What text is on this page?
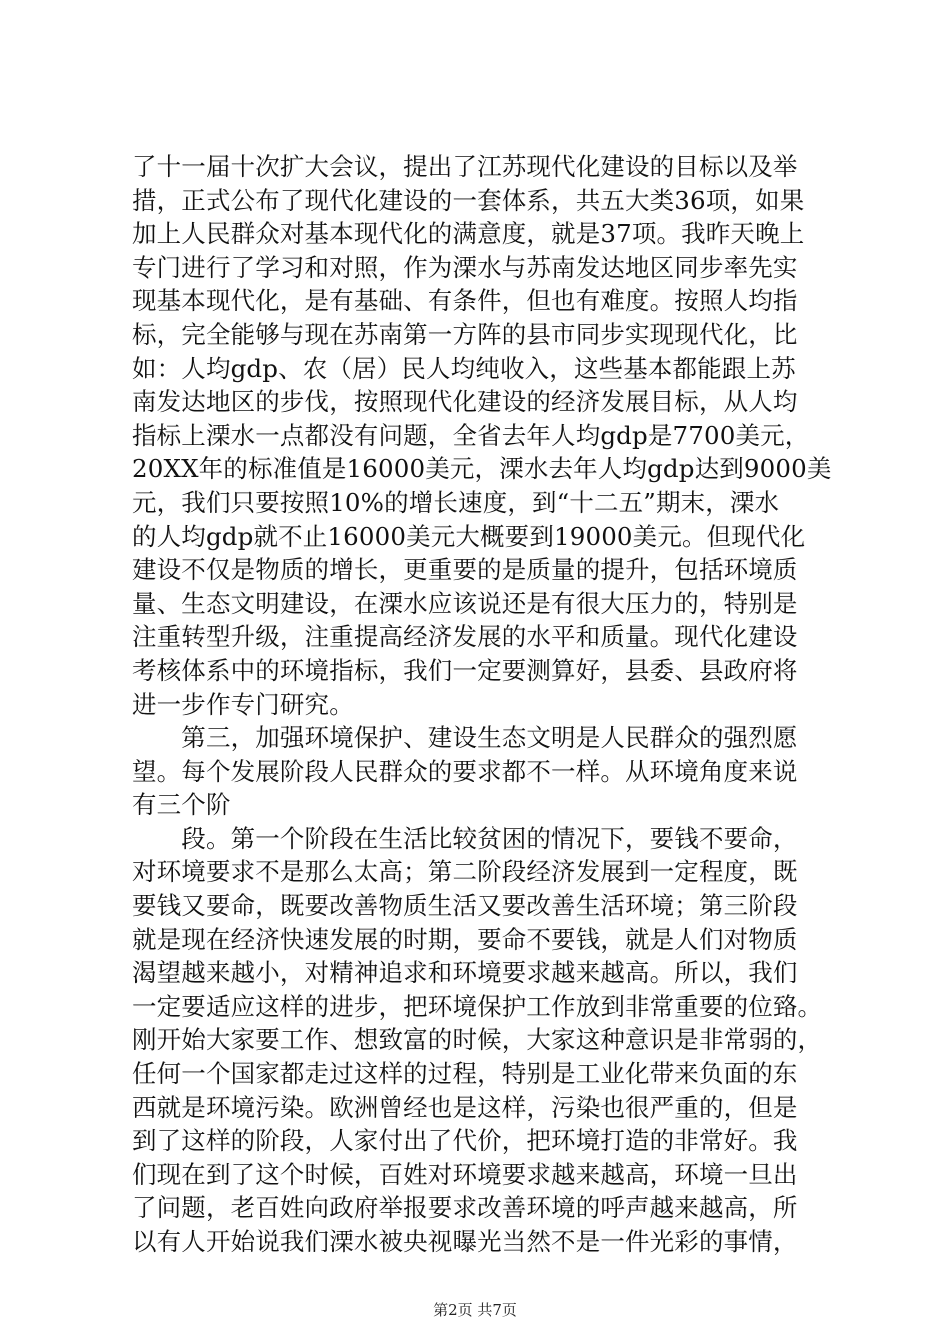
了十一届十次扩大会议，提出了江苏现代化建设的目标以及举
措，正式公布了现代化建设的一套体系，共五大类36项，如果
加上人民群众对基本现代化的满意度，就是37项。我昨天晚上
专门进行了学习和对照，作为溧水与苏南发达地区同步率先实
现基本现代化，是有基础、有条件，但也有难度。按照人均指
标，完全能够与现在苏南第一方阵的县市同步实现现代化，比
如：人均gdp、农（居）民人均纯收入，这些基本都能跟上苏
南发达地区的步伐，按照现代化建设的经济发展目标，从人均
指标上溧水一点都没有问题，全省去年人均gdp是7700美元，
20XX年的标准值是16000美元，溧水去年人均gdp达到9000美
元，我们只要按照10%的增长速度，到“十二五”期末，溧水
的人均gdp就不止16000美元大概要到19000美元。但现代化
建设不仅是物质的增长，更重要的是质量的提升，包括环境质
量、生态文明建设，在溧水应该说还是有很大压力的，特别是
注重转型升级，注重提高经济发展的水平和质量。现代化建设
考核体系中的环境指标，我们一定要测算好，县委、县政府将
进一步作专门研究。
　　第三，加强环境保护、建设生态文明是人民群众的强烈愿
望。每个发展阶段人民群众的要求都不一样。从环境角度来说
有三个阶
　　段。第一个阶段在生活比较贫困的情况下，要钱不要命，
对环境要求不是那么太高；第二阶段经济发展到一定程度，既
要钱又要命，既要改善物质生活又要改善生活环境；第三阶段
就是现在经济快速发展的时期，要命不要钱，就是人们对物质
渴望越来越小，对精神追求和环境要求越来越高。所以，我们
一定要适应这样的进步，把环境保护工作放到非常重要的位臵。
刚开始大家要工作、想致富的时候，大家这种意识是非常弱的，
任何一个国家都走过这样的过程，特别是工业化带来负面的东
西就是环境污染。欧洲曾经也是这样，污染也很严重的，但是
到了这样的阶段，人家付出了代价，把环境打造的非常好。我
们现在到了这个时候，百姓对环境要求越来越高，环境一旦出
了问题，老百姓向政府举报要求改善环境的呼声越来越高，所
以有人开始说我们溧水被央视曝光当然不是一件光彩的事情，
第2页 共7页
